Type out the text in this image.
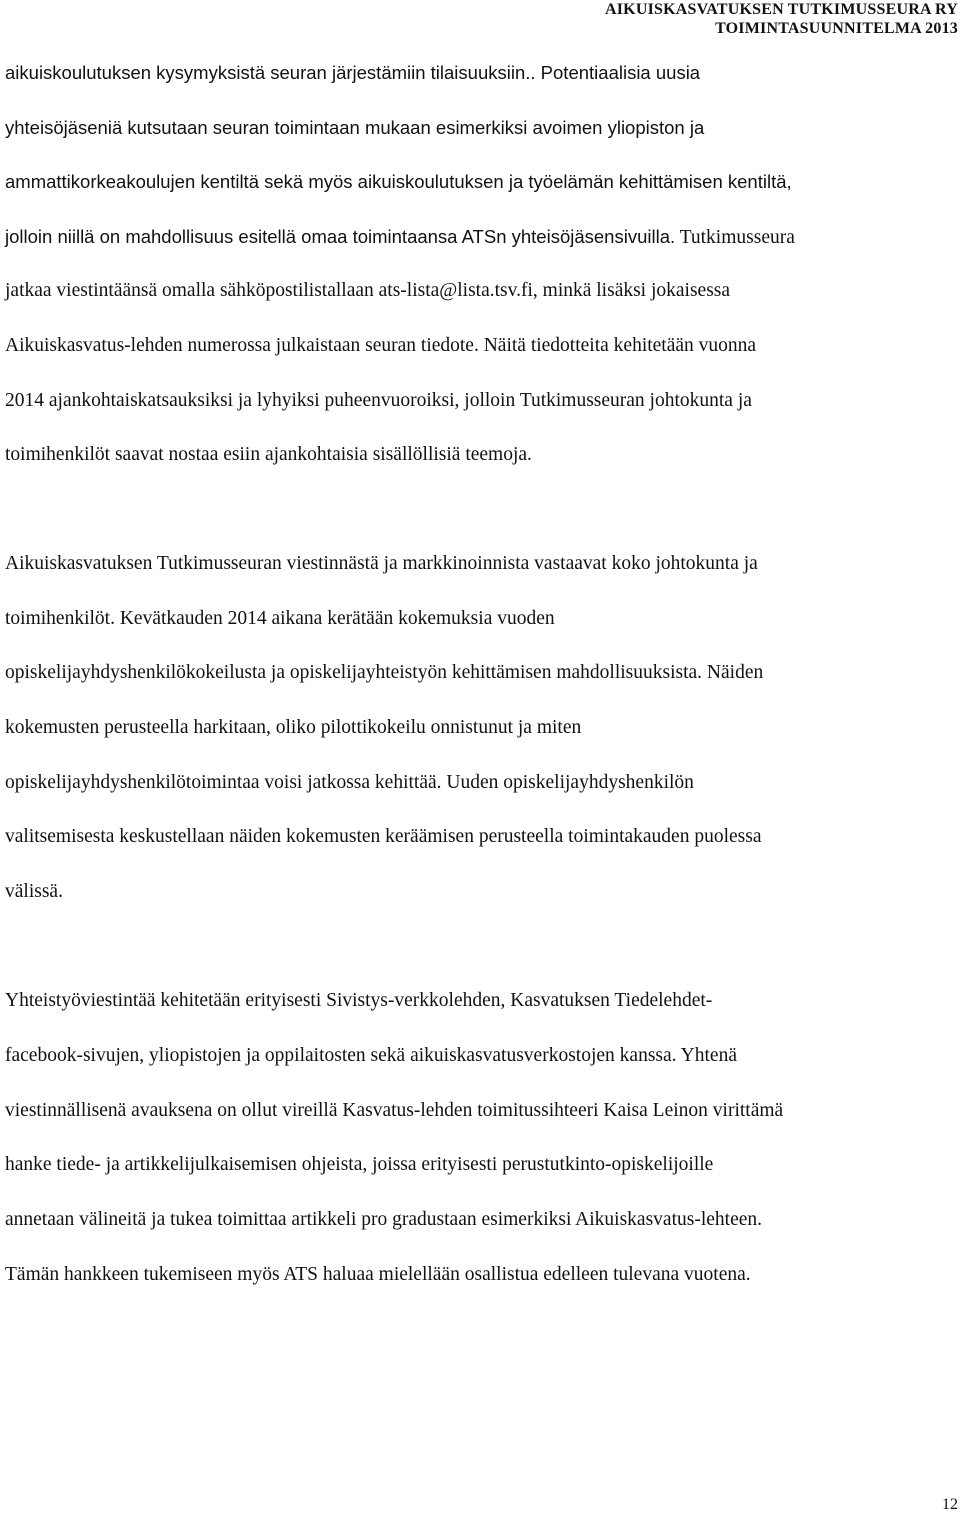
AIKUISKASVATUKSEN TUTKIMUSSEURA RY
TOIMINTASUUNNITELMA 2013
aikuiskoulutuksen kysymyksistä seuran järjestämiin tilaisuuksiin.. Potentiaalisia uusia
yhteisöjäseniä kutsutaan seuran toimintaan mukaan esimerkiksi avoimen yliopiston ja
ammattikorkeakoulujen kentiltä sekä myös aikuiskoulutuksen ja työelämän kehittämisen kentiltä,
jolloin niillä on mahdollisuus esitellä omaa toimintaansa ATSn yhteisöjäsensivuilla. Tutkimusseura
jatkaa viestintäänsä omalla sähköpostilistallaan ats-lista@lista.tsv.fi, minkä lisäksi jokaisessa
Aikuiskasvatus-lehden numerossa julkaistaan seuran tiedote. Näitä tiedotteita kehitetään vuonna
2014 ajankohtaiskatsauksiksi ja lyhyiksi puheenvuoroiksi, jolloin Tutkimusseuran johtokunta ja
toimihenkilöt saavat nostaa esiin ajankohtaisia sisällöllisiä teemoja.
Aikuiskasvatuksen Tutkimusseuran viestinnästä ja markkinoinnista vastaavat koko johtokunta ja
toimihenkilöt. Kevätkauden 2014 aikana kerätään kokemuksia vuoden
opiskelijayhdyshenkilökokeilusta ja opiskelijayhteistyön kehittämisen mahdollisuuksista. Näiden
kokemusten perusteella harkitaan, oliko pilottikokeilu onnistunut ja miten
opiskelijayhdyshenkilötoimintaa voisi jatkossa kehittää. Uuden opiskelijayhdyshenkilön
valitsemisesta keskustellaan näiden kokemusten keräämisen perusteella toimintakauden puolessa
välissä.
Yhteistyöviestintää kehitetään erityisesti Sivistys-verkkolehden, Kasvatuksen Tiedelehdet-
facebook-sivujen, yliopistojen ja oppilaitosten sekä aikuiskasvatusverkostojen kanssa. Yhtenä
viestinnällisenä avauksena on ollut vireillä Kasvatus-lehden toimitussihteeri Kaisa Leinon virittämä
hanke tiede- ja artikkelijulkaisemisen ohjeista, joissa erityisesti perustutkinto-opiskelijoille
annetaan välineitä ja tukea toimittaa artikkeli pro gradustaan esimerkiksi Aikuiskasvatus-lehteen.
Tämän hankkeen tukemiseen myös ATS haluaa mielellään osallistua edelleen tulevana vuotena.
12
